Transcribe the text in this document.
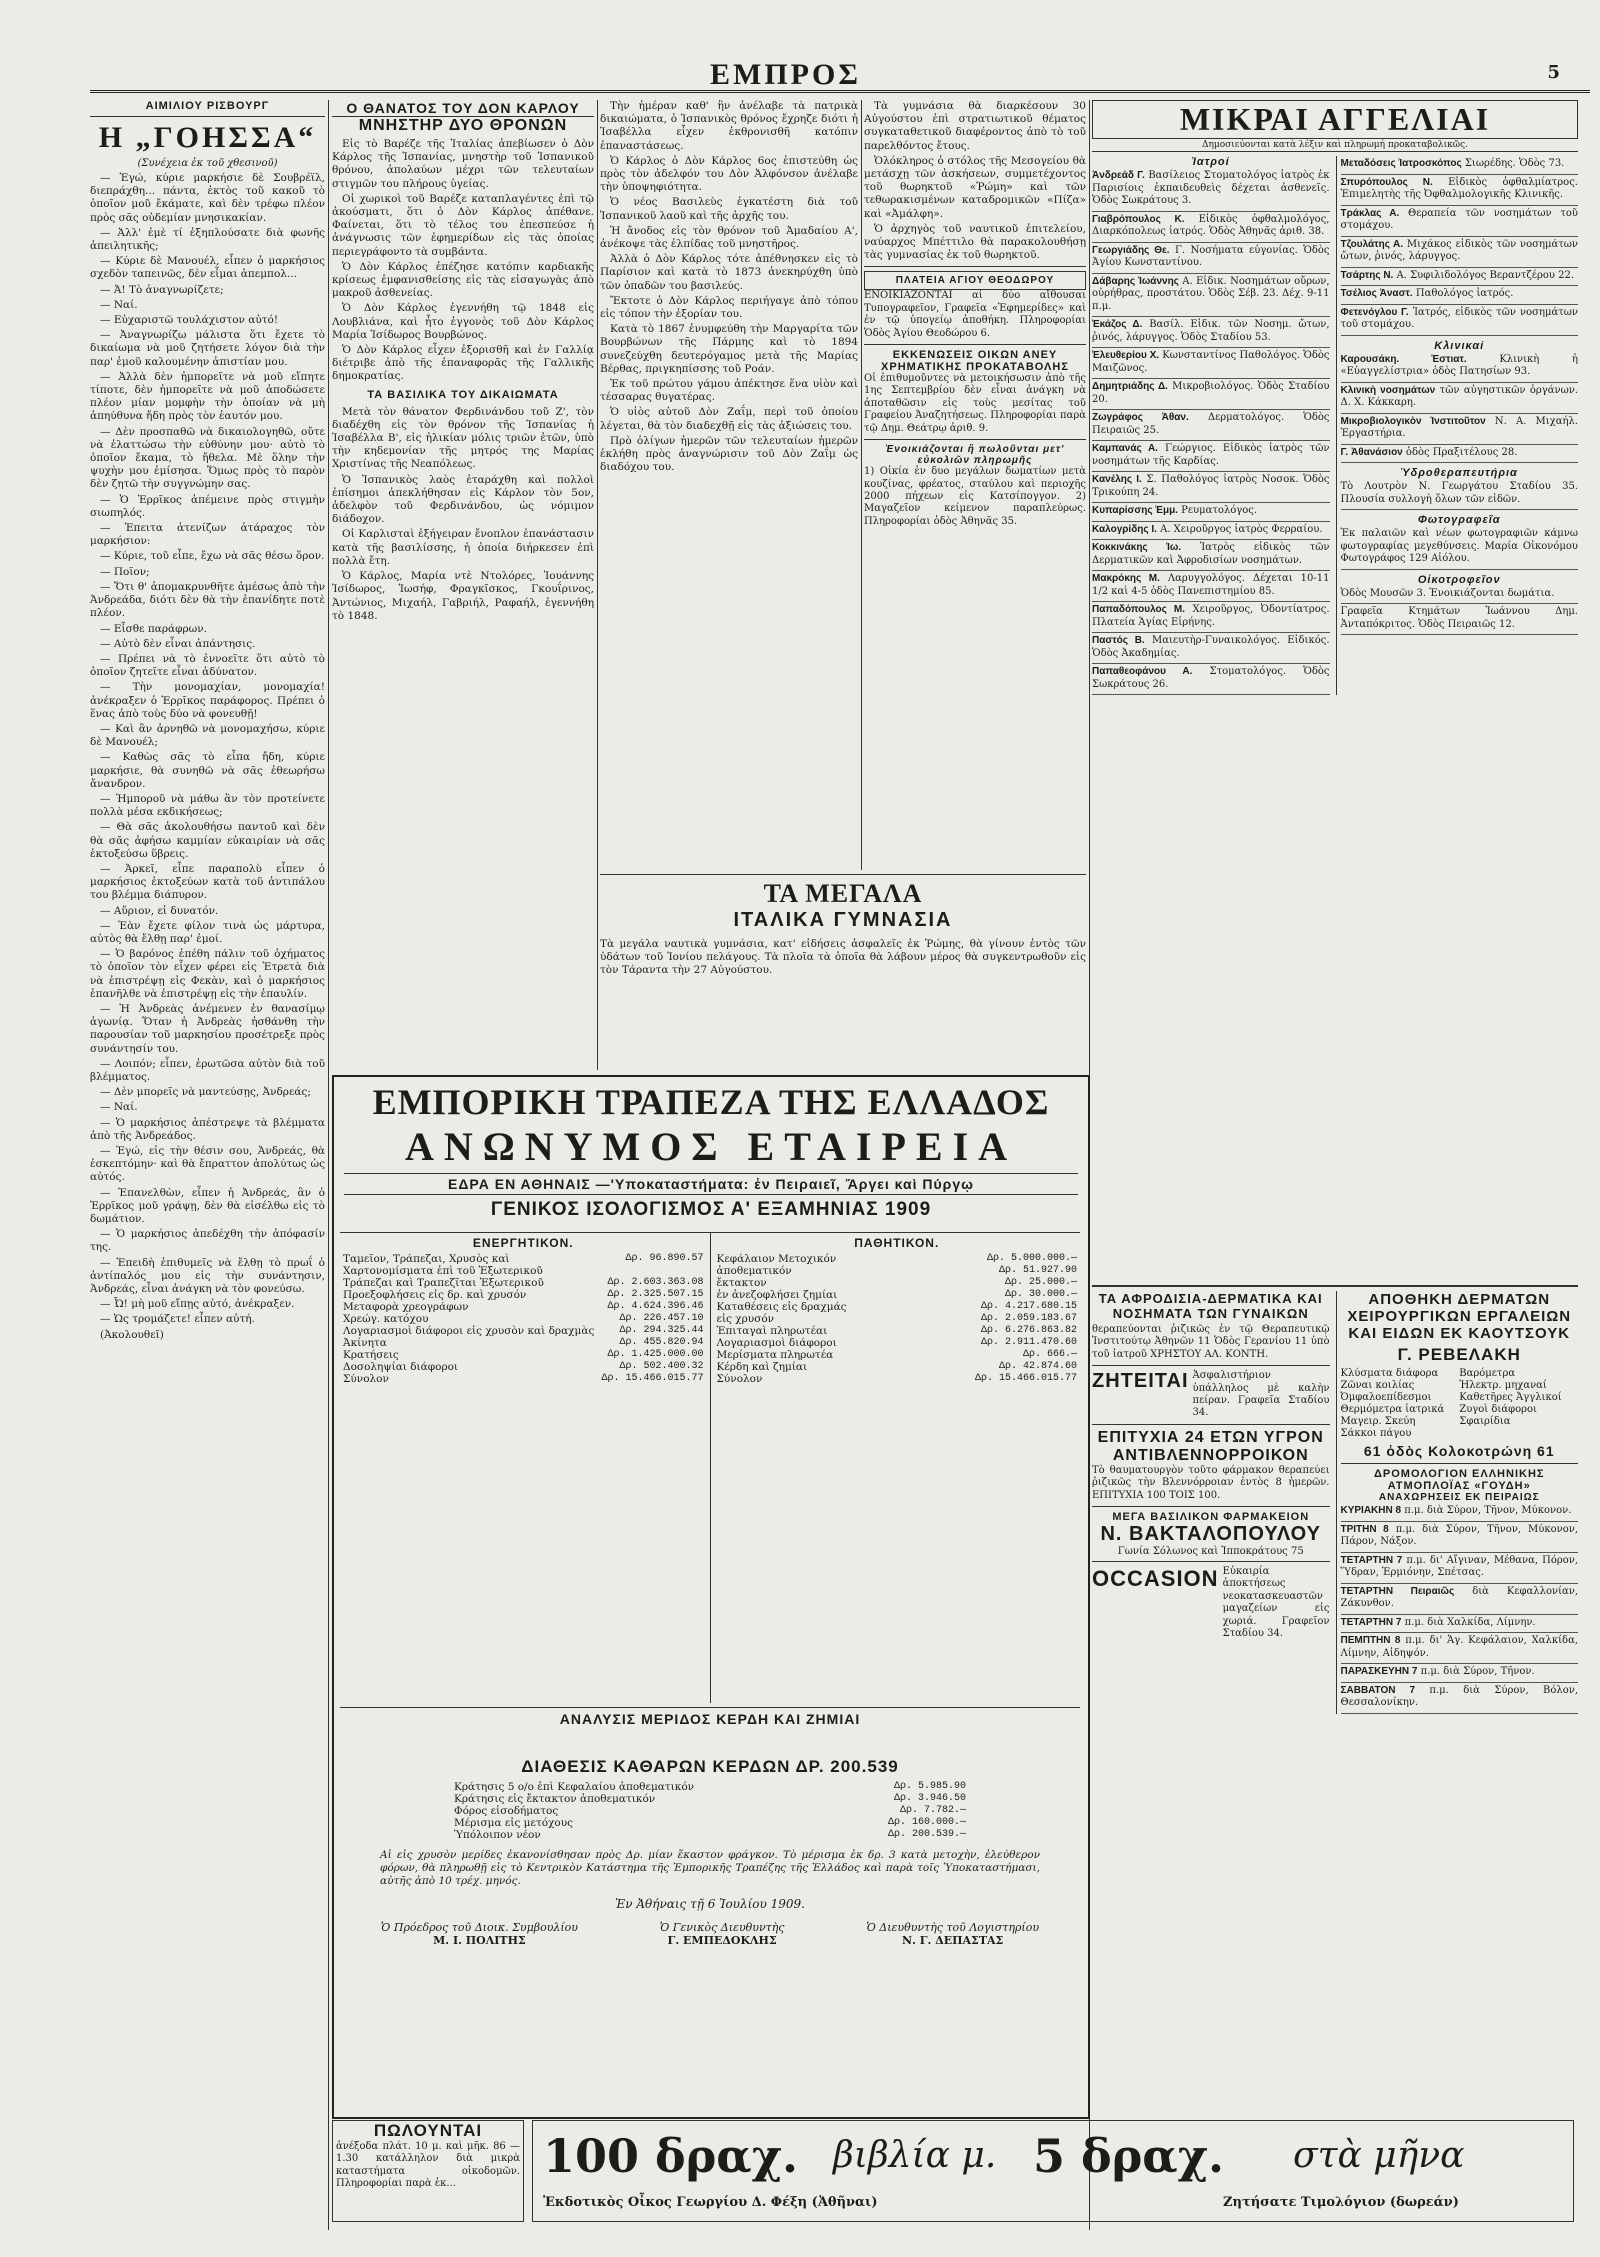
ΕΜΠΡΟΣ	5
ΑΙΜΙΛΙΟΥ ΡΙΣΒΟΥΡΓ
Η „ΓΟΗΣΣΑ“
(Συνέχεια ἐκ τοῦ χθεσινοῦ)

— Ἐγώ, κύριε μαρκήσιε δὲ Σουβρέϊλ, διεπράχθη... πάντα, ἐκτὸς τοῦ κακοῦ τὸ ὁποῖον μοῦ ἔκάματε, καὶ δὲν τρέφω πλέον πρὸς σᾶς οὐδεμίαν μνησικακίαν.

— Ἀλλ' ἐμὲ τί ἐξηπλούσατε διὰ φωνῆς ἀπειλητικῆς;

— Κύριε δὲ Μανουέλ, εἶπεν ὁ μαρκήσιος σχεδὸν ταπεινῶς, δὲν εἶμαι ἀπεμπολ...

— Ἀ! Τὸ ἀναγνωρίζετε;

— Ναί.

— Εὐχαριστῶ τουλάχιστον αὐτό!

— Ἀναγνωρίζω μάλιστα ὅτι ἔχετε τὸ δικαίωμα νὰ μοῦ ζητήσετε λόγον διὰ τὴν παρ' ἐμοῦ καλουμένην ἀπιστίαν μου.

— Ἀλλὰ δὲν ἠμπορεῖτε νὰ μοῦ εἴπητε τίποτε, δὲν ἠμπορεῖτε νὰ μοῦ ἀποδώσετε πλέον μίαν μομφὴν τὴν ὁποίαν νὰ μὴ ἀπηύθυνα ἤδη πρὸς τὸν ἑαυτόν μου.

— Δὲν προσπαθῶ νὰ δικαιολογηθῶ, οὔτε νὰ ἐλαττώσω τὴν εὐθύνην μου· αὐτὸ τὸ ὁποῖον ἔκαμα, τὸ ἤθελα. Μὲ ὅλην τὴν ψυχὴν μου ἐμίσησα. Ὅμως πρὸς τὸ παρὸν δὲν ζητῶ τὴν συγγνώμην σας.

— Ὁ Ἐρρῖκος ἀπέμεινε πρὸς στιγμὴν σιωπηλός.

— Ἐπειτα ἀτενίζων ἀτάραχος τὸν μαρκήσιον:

— Κύριε, τοῦ εἶπε, ἔχω νὰ σᾶς θέσω ὅρον.

— Ποῖον;

— Ὅτι θ' ἀπομακρυνθῆτε ἀμέσως ἀπὸ τὴν Ἀνδρεάδα, διότι δὲν θὰ τὴν ἐπανίδητε ποτὲ πλέον.

— Εἶσθε παράφρων.

— Αὐτὸ δὲν εἶναι ἀπάντησις.

— Πρέπει νὰ τὸ ἐννοεῖτε ὅτι αὐτὸ τὸ ὁποῖον ζητεῖτε εἶναι ἀδύνατον.

— Τὴν μονομαχίαν, μονομαχία! ἀνέκραξεν ὁ Ἐρρῖκος παράφορος. Πρέπει ὁ ἕνας ἀπὸ τοὺς δύο νὰ φονευθῇ!

— Καὶ ἂν ἀρνηθῶ νὰ μονομαχήσω, κύριε δὲ Μανουέλ;

— Καθὼς σᾶς τὸ εἶπα ἤδη, κύριε μαρκήσιε, θὰ συνηθῶ νὰ σᾶς ἐθεωρήσω ἄνανδρον.

— Ἠμποροῦ νὰ μάθω ἂν τὸν προτείνετε πολλὰ μέσα εκδικήσεως;

— Θὰ σᾶς ἀκολουθήσω παντοῦ καὶ δὲν θὰ σᾶς ἀφήσω καμμίαν εὐκαιρίαν νὰ σᾶς ἐκτοξεύσω ὕβρεις.

— Ἀρκεῖ, εἶπε παραπολὺ εἶπεν ὁ μαρκήσιος ἐκτοξεύων κατὰ τοῦ ἀντιπάλου του βλέμμα διάπυρον.

— Αὔριον, εἰ δυνατόν.

— Ἐὰν ἔχετε φίλον τινὰ ὡς μάρτυρα, αὐτὸς θὰ ἔλθῃ παρ' ἐμοί.

— Ὁ βαρόνος ἐπέθη πάλιν τοῦ ὀχήματος τὸ ὁποῖον τὸν εἶχεν φέρει εἰς Ἐτρετὰ διὰ νὰ ἐπιστρέψῃ εἰς Φεκὰν, καὶ ὁ μαρκήσιος ἐπανῆλθε νὰ ἐπιστρέψῃ εἰς τὴν ἐπαυλίν.

— Ἡ Ἀνδρεὰς ἀνέμενεν ἐν θανασίμῳ ἀγωνίᾳ. Ὅταν ἡ Ἀνδρεὰς ἠσθάνθη τὴν παρουσίαν τοῦ μαρκησίου προσέτρεξε πρὸς συνάντησίν του.

— Λοιπόν; εἶπεν, ἐρωτῶσα αὐτὸν διὰ τοῦ βλέμματος.

— Δὲν μπορεῖς νὰ μαντεύσῃς, Ἀνδρεάς;

— Ναί.

— Ὁ μαρκήσιος ἀπέστρεψε τὰ βλέμματα ἀπὸ τῆς Ἀνδρεάδος.

— Ἐγώ, εἰς τὴν θέσιν σου, Ἀνδρεάς, θὰ ἐσκεπτόμην· καὶ θὰ ἔπραττον ἀπολύτως ὡς αὐτός.

— Ἐπανελθὼν, εἶπεν ἡ Ἀνδρεάς, ἂν ὁ Ἐρρῖκος μοῦ γράψῃ, δὲν θὰ εἰσέλθω εἰς τὸ δωμάτιον.

— Ὁ μαρκήσιος ἀπεδέχθη τὴν ἀπόφασίν της.

— Ἐπειδὴ ἐπιθυμεῖς νὰ ἔλθῃ τὸ πρωΐ ὁ ἀντίπαλός μου εἰς τὴν συνάντησιν, Ἀνδρεάς, εἶναι ἀνάγκη νὰ τὸν φονεύσω.

— Ὦ! μὴ μοῦ εἴπῃς αὐτό, ἀνέκραξεν.

— Ὡς τρομάζετε! εἶπεν αὐτή.

(Ἀκολουθεῖ)

Ο ΘΑΝΑΤΟΣ ΤΟΥ ΔΟΝ ΚΑΡΛΟΥ
ΜΝΗΣΤΗΡ ΔΥΟ ΘΡΟΝΩΝ

Εἰς τὸ Βαρέζε τῆς Ἰταλίας ἀπεβίωσεν ὁ Δὸν Κάρλος τῆς Ἱσπανίας, μνηστὴρ τοῦ Ἱσπανικοῦ θρόνου, ἀπολαύων μέχρι τῶν τελευταίων στιγμῶν του πλήρους ὑγείας.

Οἱ χωρικοὶ τοῦ Βαρέζε καταπλαγέντες ἐπὶ τῷ ἀκούσματι, ὅτι ὁ Δὸν Κάρλος ἀπέθανε. Φαίνεται, ὅτι τὸ τέλος του ἐπεσπεύσε ἡ ἀνάγνωσις τῶν ἐφημερίδων εἰς τὰς ὁποίας περιεγράφοντο τὰ συμβάντα.

Ὁ Δὸν Κάρλος ἐπέζησε κατόπιν καρδιακῆς κρίσεως ἐμφανισθείσης εἰς τὰς εἰσαγωγὰς ἀπὸ μακροῦ ἀσθενείας.

Ὁ Δὸν Κάρλος ἐγεννήθη τῷ 1848 εἰς Λουβλιάνα, καὶ ἦτο ἐγγονὸς τοῦ Δὸν Κάρλος Μαρία Ἰσίδωρος Βουρβώνος.

Ὁ Δὸν Κάρλος εἶχεν ἐξορισθῆ καὶ ἐν Γαλλίᾳ διέτριβε ἀπὸ τῆς ἐπαναφορᾶς τῆς Γαλλικῆς δημοκρατίας.

ΤΑ ΒΑΣΙΛΙΚΑ ΤΟΥ ΔΙΚΑΙΩΜΑΤΑ

Μετὰ τὸν θάνατον Φερδινάνδου τοῦ Ζ', τὸν διαδέχθη εἰς τὸν θρόνον τῆς Ἱσπανίας ἡ Ἰσαβέλλα Β', εἰς ἡλικίαν μόλις τριῶν ἐτῶν, ὑπὸ τὴν κηδεμονίαν τῆς μητρός της Μαρίας Χριστίνας τῆς Νεαπόλεως.

Ὁ Ἰσπανικὸς λαὸς ἐταράχθη καὶ πολλοὶ ἐπίσημοι ἀπεκλήθησαν εἰς Κάρλον τὸν 5ον, ἀδελφὸν τοῦ Φερδινάνδου, ὡς νόμιμον διάδοχον.

Οἱ Καρλισταὶ ἐξήγειραν ἔνοπλον ἐπανάστασιν κατὰ τῆς βασιλίσσης, ἡ ὁποία διήρκεσεν ἐπὶ πολλὰ ἔτη.

Ὁ Κάρλος, Μαρία ντὲ Ντολόρες, Ἰουάννης Ἰσίδωρος, Ἰωσήφ, Φραγκῖσκος, Γκουΐρινος, Ἀντώνιος, Μιχαήλ, Γαβριήλ, Ραφαήλ, ἐγεννήθη τὸ 1848.

Τὴν ἡμέραν καθ' ἣν ἀνέλαβε τὰ πατρικὰ δικαιώματα, ὁ Ἱσπανικὸς θρόνος ἔχρηζε διότι ἡ Ἰσαβέλλα εἶχεν ἐκθρονισθῆ κατόπιν ἐπαναστάσεως.

Ὁ Κάρλος ὁ Δὸν Κάρλος 6ος ἐπιστεύθη ὡς πρὸς τὸν ἀδελφόν του Δὸν Ἀλφόνσον ἀνέλαβε τὴν ὑποψηφιότητα.

Ὁ νέος Βασιλεὺς ἐγκατέστη διὰ τοῦ Ἱσπανικοῦ λαοῦ καὶ τῆς ἀρχῆς του.

Ἡ ἄνοδος εἰς τὸν θρόνον τοῦ Ἀμαδαίου Α', ἀνέκοψε τὰς ἐλπίδας τοῦ μνηστῆρος.

Ἀλλὰ ὁ Δὸν Κάρλος τότε ἀπέθνησκεν εἰς τὸ Παρίσιον καὶ κατὰ τὸ 1873 ἀνεκηρύχθη ὑπὸ τῶν ὀπαδῶν του βασιλεύς.

Ἔκτοτε ὁ Δὸν Κάρλος περιήγαγε ἀπὸ τόπου εἰς τόπον τὴν ἐξορίαν του.

Κατὰ τὸ 1867 ἐνυμφεύθη τὴν Μαργαρίτα τῶν Βουρβώνων τῆς Πάρμης καὶ τὸ 1894 συνεζεύχθη δευτερόγαμος μετὰ τῆς Μαρίας Βέρθας, πριγκηπίσσης τοῦ Ροάν.

Ἐκ τοῦ πρώτου γάμου ἀπέκτησε ἕνα υἱὸν καὶ τέσσαρας θυγατέρας.

Ὁ υἱὸς αὐτοῦ Δὸν Ζαΐμ, περὶ τοῦ ὁποίου λέγεται, θὰ τὸν διαδεχθῇ εἰς τὰς ἀξιώσεις του.

Πρὸ ὀλίγων ἡμερῶν τῶν τελευταίων ἡμερῶν ἐκλήθη πρὸς ἀναγνώρισιν τοῦ Δὸν Ζαΐμ ὡς διαδόχου του.

Τὰ γυμνάσια θὰ διαρκέσουν 30 Αὐγούστου ἐπὶ στρατιωτικοῦ θέματος συγκαταθετικοῦ διαφέροντος ἀπὸ τὸ τοῦ παρελθόντος ἔτους.

Ὁλόκληρος ὁ στόλος τῆς Μεσογείου θὰ μετάσχῃ τῶν ἀσκήσεων, συμμετέχοντος τοῦ θωρηκτοῦ «Ῥώμη» καὶ τῶν τεθωρακισμένων καταδρομικῶν «Πίζα» καὶ «Ἀμάλφη».

Ὁ ἀρχηγὸς τοῦ ναυτικοῦ ἐπιτελείου, ναύαρχος Μπέττιλο θὰ παρακολουθήσῃ τὰς γυμνασίας ἐκ τοῦ θωρηκτοῦ.

ΠΛΑΤΕΙΑ ΑΓΙΟΥ ΘΕΟΔΩΡΟΥ
ΕΝΟΙΚΙΑΖΟΝΤΑΙ αἱ δύο αἴθουσαι Τυπογραφεῖον, Γραφεῖα «Ἐφημερίδες» καὶ ἐν τῷ ὑπογείῳ ἀποθήκη. Πληροφορίαι Ὁδὸς Ἀγίου Θεοδώρου 6.
ΕΚΚΕΝΩΣΕΙΣ ΟΙΚΩΝ ΑΝΕΥ ΧΡΗΜΑΤΙΚΗΣ ΠΡΟΚΑΤΑΒΟΛΗΣ
Οἱ ἐπιθυμοῦντες νὰ μετοικήσωσιν ἀπὸ τῆς 1ης Σεπτεμβρίου δὲν εἶναι ἀνάγκη νὰ ἀποταθῶσιν εἰς τοὺς μεσίτας τοῦ Γραφείου Ἀναζητήσεως. Πληροφορίαι παρὰ τῷ Δημ. Θεάτρῳ ἀριθ. 9.
Ἐνοικιάζονται ἢ πωλοῦνται μετ' εὐκολιῶν πληρωμῆς
1) Οἰκία ἐν δυο μεγάλων δωματίων μετὰ κουζίνας, φρέατος, σταύλου καὶ περιοχῆς 2000 πήχεων εἰς Κατσίπογγον. 2) Μαγαζεῖον κείμενον παραπλεύρως. Πληροφορίαι ὁδὸς Ἀθηνᾶς 35.
ΤΑ ΜΕΓΑΛΑ
ΙΤΑΛΙΚΑ ΓΥΜΝΑΣΙΑ
Τὰ μεγάλα ναυτικὰ γυμνάσια, κατ' εἰδήσεις ἀσφαλεῖς ἐκ Ῥώμης, θὰ γίνουν ἐντὸς τῶν ὑδάτων τοῦ Ἰονίου πελάγους. Τὰ πλοῖα τὰ ὁποῖα θὰ λάβουν μέρος θὰ συγκεντρωθοῦν εἰς τὸν Τάραντα τὴν 27 Αὐγούστου.
ΕΜΠΟΡΙΚΗ ΤΡΑΠΕΖΑ ΤΗΣ ΕΛΛΑΔΟΣ
ΑΝΩΝΥΜΟΣ ΕΤΑΙΡΕΙΑ
ΕΔΡΑ ΕΝ ΑΘΗΝΑΙΣ —'Υποκαταστήματα: ἐν Πειραιεῖ, Ἄργει καὶ Πύργῳ
ΓΕΝΙΚΟΣ ΙΣΟΛΟΓΙΣΜΟΣ Α' ΕΞΑΜΗΝΙΑΣ 1909
ΕΝΕΡΓΗΤΙΚΟΝ.
Ταμεῖον, Τράπεζαι, Χρυσὸς καὶ Χαρτονομίσματα ἐπὶ τοῦ Ἐξωτερικοῦ	Δρ. 96.890.57
Τράπεζαι καὶ Τραπεζῖται Ἐξωτερικοῦ	Δρ. 2.603.363.08
Προεξοφλήσεις εἰς δρ. καὶ χρυσόν	Δρ. 2.325.507.15
Μεταφορὰ χρεογράφων	Δρ. 4.624.396.46
Χρεώγ. κατόχου	Δρ. 226.457.10
Λογαριασμοὶ διάφοροι εἰς χρυσὸν καὶ δραχμὰς	Δρ. 294.325.44
Ἀκίνητα	Δρ. 455.820.94
Κρατήσεις	Δρ. 1.425.000.00
Δοσοληψίαι διάφοροι	Δρ. 502.400.32
Σύνολον	Δρ. 15.466.015.77
ΠΑΘΗΤΙΚΟΝ.
Κεφάλαιον Μετοχικόν	Δρ. 5.000.000.—
ἀποθεματικόν	Δρ. 51.927.90
ἔκτακτον	Δρ. 25.000.—
ἐν ἀνεζοφλήσει ζημίαι	Δρ. 30.000.—
Καταθέσεις εἰς δραχμάς	Δρ. 4.217.680.15
εἰς χρυσόν	Δρ. 2.059.183.67
Ἐπιταγαὶ πληρωτέαι	Δρ. 6.276.863.82
Λογαριασμοὶ διάφοροι	Δρ. 2.911.470.60
Μερίσματα πληρωτέα	Δρ. 666.—
Κέρδη καὶ ζημίαι	Δρ. 42.874.60
Σύνολον	Δρ. 15.466.015.77
ΑΝΑΛΥΣΙΣ ΜΕΡΙΔΟΣ ΚΕΡΔΗ ΚΑΙ ΖΗΜΙΑΙ
ΔΙΑΘΕΣΙΣ ΚΑΘΑΡΩΝ ΚΕΡΔΩΝ ΔΡ. 200.539
Κράτησις 5 ο/ο ἐπὶ Κεφαλαίου ἀποθεματικόν	Δρ. 5.985.90
Κράτησις εἰς ἔκτακτον ἀποθεματικόν	Δρ. 3.946.50
Φόρος εἰσοδήματος	Δρ. 7.782.—
Μέρισμα εἰς μετόχους	Δρ. 160.000.—
Ὑπόλοιπον νέον	Δρ. 200.539.—
Αἱ εἰς χρυσὸν μερίδες ἐκανονίσθησαν πρὸς Δρ. μίαν ἕκαστον φράγκον. Τὸ μέρισμα ἐκ δρ. 3 κατὰ μετοχὴν, ἐλεύθερον φόρων, θὰ πληρωθῇ εἰς τὸ Κεντρικὸν Κατάστημα τῆς Ἐμπορικῆς Τραπέζης τῆς Ἑλλάδος καὶ παρὰ τοῖς Ὑποκαταστήμασι, αὐτῆς ἀπὸ 10 τρέχ. μηνός.
Ἐν Ἀθήναις τῇ 6 Ἰουλίου 1909.
Ὁ Πρόεδρος τοῦ Διοικ. Συμβουλίου
Μ. Ι. ΠΟΛΙΤΗΣ
Ὁ Γενικὸς Διευθυντὴς
Γ. ΕΜΠΕΔΟΚΛΗΣ
Ὁ Διευθυντὴς τοῦ Λογιστηρίου
Ν. Γ. ΔΕΠΑΣΤΑΣ
ΜΙΚΡΑΙ ΑΓΓΕΛΙΑΙ
Δημοσιεύονται κατὰ λέξιν καὶ πληρωμή προκαταβολικῶς.
Ἰατροί
Ἀνδρεάδ Γ. Βασίλειος Στοματολόγος ἰατρὸς ἐκ Παρισίοις ἐκπαιδευθεὶς δέχεται ἀσθενεῖς. Ὁδὸς Σωκράτους 3.
Γιαβρόπουλος Κ. Εἰδικὸς ὀφθαλμολόγος, Διαρκόπολεως ἰατρός. Ὁδὸς Ἀθηνᾶς ἀριθ. 38.
Γεωργιάδης Θε. Γ. Νοσήματα εὐγονίας. Ὁδὸς Ἀγίου Κωνσταντίνου.
Δάβαρης Ἰωάννης Α. Εἰδικ. Νοσημάτων οὔρων, οὐρήθρας, προστάτου. Ὁδὸς Σέβ. 23. Δέχ. 9-11 π.μ.
Ἐκάζος Δ. Βασίλ. Εἰδικ. τῶν Νοσημ. ὤτων, ῥινός, λάρυγγος. Ὁδὸς Σταδίου 53.
Ἐλευθερίου Χ. Κωνσταντίνος Παθολόγος. Ὁδὸς Μαιζῶνος.
Δημητριάδης Δ. Μικροβιολόγος. Ὁδὸς Σταδίου 20.
Ζωγράφος Ἀθαν. Δερματολόγος. Ὁδὸς Πειραιῶς 25.
Καμπανάς Α. Γεώργιος. Εἰδικὸς ἰατρὸς τῶν νοσημάτων τῆς Καρδίας.
Κανέλης Ι. Σ. Παθολόγος ἰατρὸς Νοσοκ. Ὁδὸς Τρικούπη 24.
Κυπαρίσσης Ἐμμ. Ρευματολόγος.
Καλογρίδης Ι. Α. Χειροῦργος ἰατρὸς Φερραίου.
Κοκκινάκης Ἰω. Ἰατρὸς εἰδικὸς τῶν Δερματικῶν καὶ Ἀφροδισίων νοσημάτων.
Μακρόκης Μ. Λαρυγγολόγος. Δέχεται 10-11 1/2 καὶ 4-5 ὁδὸς Πανεπιστημίου 85.
Παπαδόπουλος Μ. Χειροῦργος, Ὀδοντίατρος. Πλατεία Ἁγίας Εἰρήνης.
Παστός Β. Μαιευτὴρ-Γυναικολόγος. Εἰδικός. Ὁδὸς Ἀκαδημίας.
Παπαθεοφάνου Α. Στοματολόγος. Ὁδὸς Σωκράτους 26.
Μεταδόσεις Ἰατροσκόπος Σιωρέδης. Ὁδὸς 73.
Σπυρόπουλος Ν. Εἰδικὸς ὀφθαλμίατρος. Ἐπιμελητὴς τῆς Ὀφθαλμολογικῆς Κλινικῆς.
Τράκλας Α. Θεραπεία τῶν νοσημάτων τοῦ στομάχου.
Τζουλάτης Α. Μιχάκος εἰδικὸς τῶν νοσημάτων ὤτων, ῥινός, λάρυγγος.
Τσάρτης Ν. Α. Συφιλιδολόγος Βεραντζέρου 22.
Τσέλιος Ἀναστ. Παθολόγος ἰατρός.
Φετενόγλου Γ. Ἰατρός, εἰδικὸς τῶν νοσημάτων τοῦ στομάχου.
Κλινικαί
Καρουσάκη. Ἑστιατ. Κλινικὴ ἡ «Εὐαγγελίστρια» ὁδὸς Πατησίων 93.
Κλινικὴ νοσημάτων τῶν αὐγηστικῶν ὀργάνων. Δ. Χ. Κάκκαρη.
Μικροβιολογικὸν Ἰνστιτοῦτον Ν. Α. Μιχαήλ. Ἐργαστήρια.
Γ. Ἀθανάσιον ὁδὸς Πραξιτέλους 28.
Ὑδροθεραπευτήρια
Τὸ Λουτρὸν Ν. Γεωργάτου Σταδίου 35. Πλουσία συλλογὴ ὅλων τῶν εἰδῶν.
Φωτογραφεῖα
Ἐκ παλαιῶν καὶ νέων φωτογραφιῶν κάμνω φωτογραφίας μεγεθύνσεις. Μαρία Οἰκονόμου Φωτογράφος 129 Αἰόλου.
Οἰκοτροφεῖον
Ὁδὸς Μουσῶν 3. Ἐνοικιάζονται δωμάτια.
Γραφεῖα Κτημάτων Ἰωάννου Δημ. Ἀνταπόκριτος. Ὁδὸς Πειραιῶς 12.
ΤΑ ΑΦΡΟΔΙΣΙΑ-ΔΕΡΜΑΤΙΚΑ ΚΑΙ ΝΟΣΗΜΑΤΑ ΤΩΝ ΓΥΝΑΙΚΩΝ
θεραπεύονται ῥιζικῶς ἐν τῷ Θεραπευτικῷ Ἰνστιτούτῳ Ἀθηνῶν 11 Ὁδὸς Γερανίου 11 ὑπὸ τοῦ ἰατροῦ ΧΡΗΣΤΟΥ ΑΛ. ΚΟΝΤΗ.
ΖΗΤΕΙΤΑΙ Ἀσφαλιστήριον ὑπάλληλος μὲ καλὴν πείραν. Γραφεῖα Σταδίου 34.
ΕΠΙΤΥΧΙΑ 24 ΕΤΩΝ ΥΓΡΟΝ ΑΝΤΙΒΛΕΝΝΟΡΡΟΙΚΟΝ
Τὸ θαυματουργὸν τοῦτο φάρμακον θεραπεύει ῥιζικῶς τὴν Βλεννόρροιαν ἐντὸς 8 ἡμερῶν. ΕΠΙΤΥΧΙΑ 100 ΤΟΙΣ 100.
ΜΕΓΑ ΒΑΣΙΛΙΚΟΝ ΦΑΡΜΑΚΕΙΟΝ
Ν. ΒΑΚΤΑΛΟΠΟΥΛΟΥ
Γωνία Σόλωνος καὶ Ἱπποκράτους 75
OCCASION Εὐκαιρία ἀποκτήσεως νεοκατασκευαστῶν μαγαζείων εἰς χωριά. Γραφεῖον Σταδίου 34.
ΑΠΟΘΗΚΗ ΔΕΡΜΑΤΩΝ ΧΕΙΡΟΥΡΓΙΚΩΝ ΕΡΓΑΛΕΙΩΝ ΚΑΙ ΕΙΔΩΝ ΕΚ ΚΑΟΥΤΣΟΥΚ
Γ. ΡΕΒΕΛΑΚΗ
Κλύσματα διάφορα	Βαρόμετρα
Ζῶναι κοιλίας	Ἠλεκτρ. μηχαναί
Ὀμφαλοεπίδεσμοι	Καθετῆρες Ἀγγλικοί
Θερμόμετρα ἰατρικά	Ζυγοὶ διάφοροι
Μαγειρ. Σκεύη	Σφαιρίδια
Σάκκοι πάγου
61 ὁδὸς Κολοκοτρώνη 61
ΔΡΟΜΟΛΟΓΙΟΝ ΕΛΛΗΝΙΚΗΣ ΑΤΜΟΠΛΟΪΑΣ «ΓΟΥΔΗ»
ΑΝΑΧΩΡΗΣΕΙΣ ΕΚ ΠΕΙΡΑΙΩΣ
ΚΥΡΙΑΚΗΝ 8 π.μ. διὰ Σύρον, Τῆνον, Μύκονον.
ΤΡΙΤΗΝ 8 π.μ. διὰ Σύρον, Τῆνον, Μύκονον, Πάρον, Νάξον.
ΤΕΤΑΡΤΗΝ 7 π.μ. δι' Αἴγιναν, Μέθανα, Πόρον, Ὕδραν, Ἑρμιόνην, Σπέτσας.
ΤΕΤΑΡΤΗΝ Πειραιῶς διὰ Κεφαλλονίαν, Ζάκυνθον.
ΤΕΤΑΡΤΗΝ 7 π.μ. διὰ Χαλκίδα, Λίμνην.
ΠΕΜΠΤΗΝ 8 π.μ. δι' Ἁγ. Κεφάλαιον, Χαλκίδα, Λίμνην, Αἰδηψόν.
ΠΑΡΑΣΚΕΥΗΝ 7 π.μ. διὰ Σύρον, Τῆνον.
ΣΑΒΒΑΤΟΝ 7 π.μ. διὰ Σύρον, Βόλον, Θεσσαλονίκην.
ΠΩΛΟΥΝΤΑΙ
ἀνέξοδα πλάτ. 10 μ. καὶ μῆκ. 86 — 1.30 κατάλληλον διὰ μικρὰ καταστήματα οἰκοδομῶν. Πληροφορίαι παρὰ ἐκ...
100 δραχ. βιβλία μ. 5 δραχ. στὰ μῆνα
Ἐκδοτικὸς Οἶκος Γεωργίου Δ. Φέξη (Ἀθῆναι)	Ζητήσατε Τιμολόγιον (δωρεάν)
